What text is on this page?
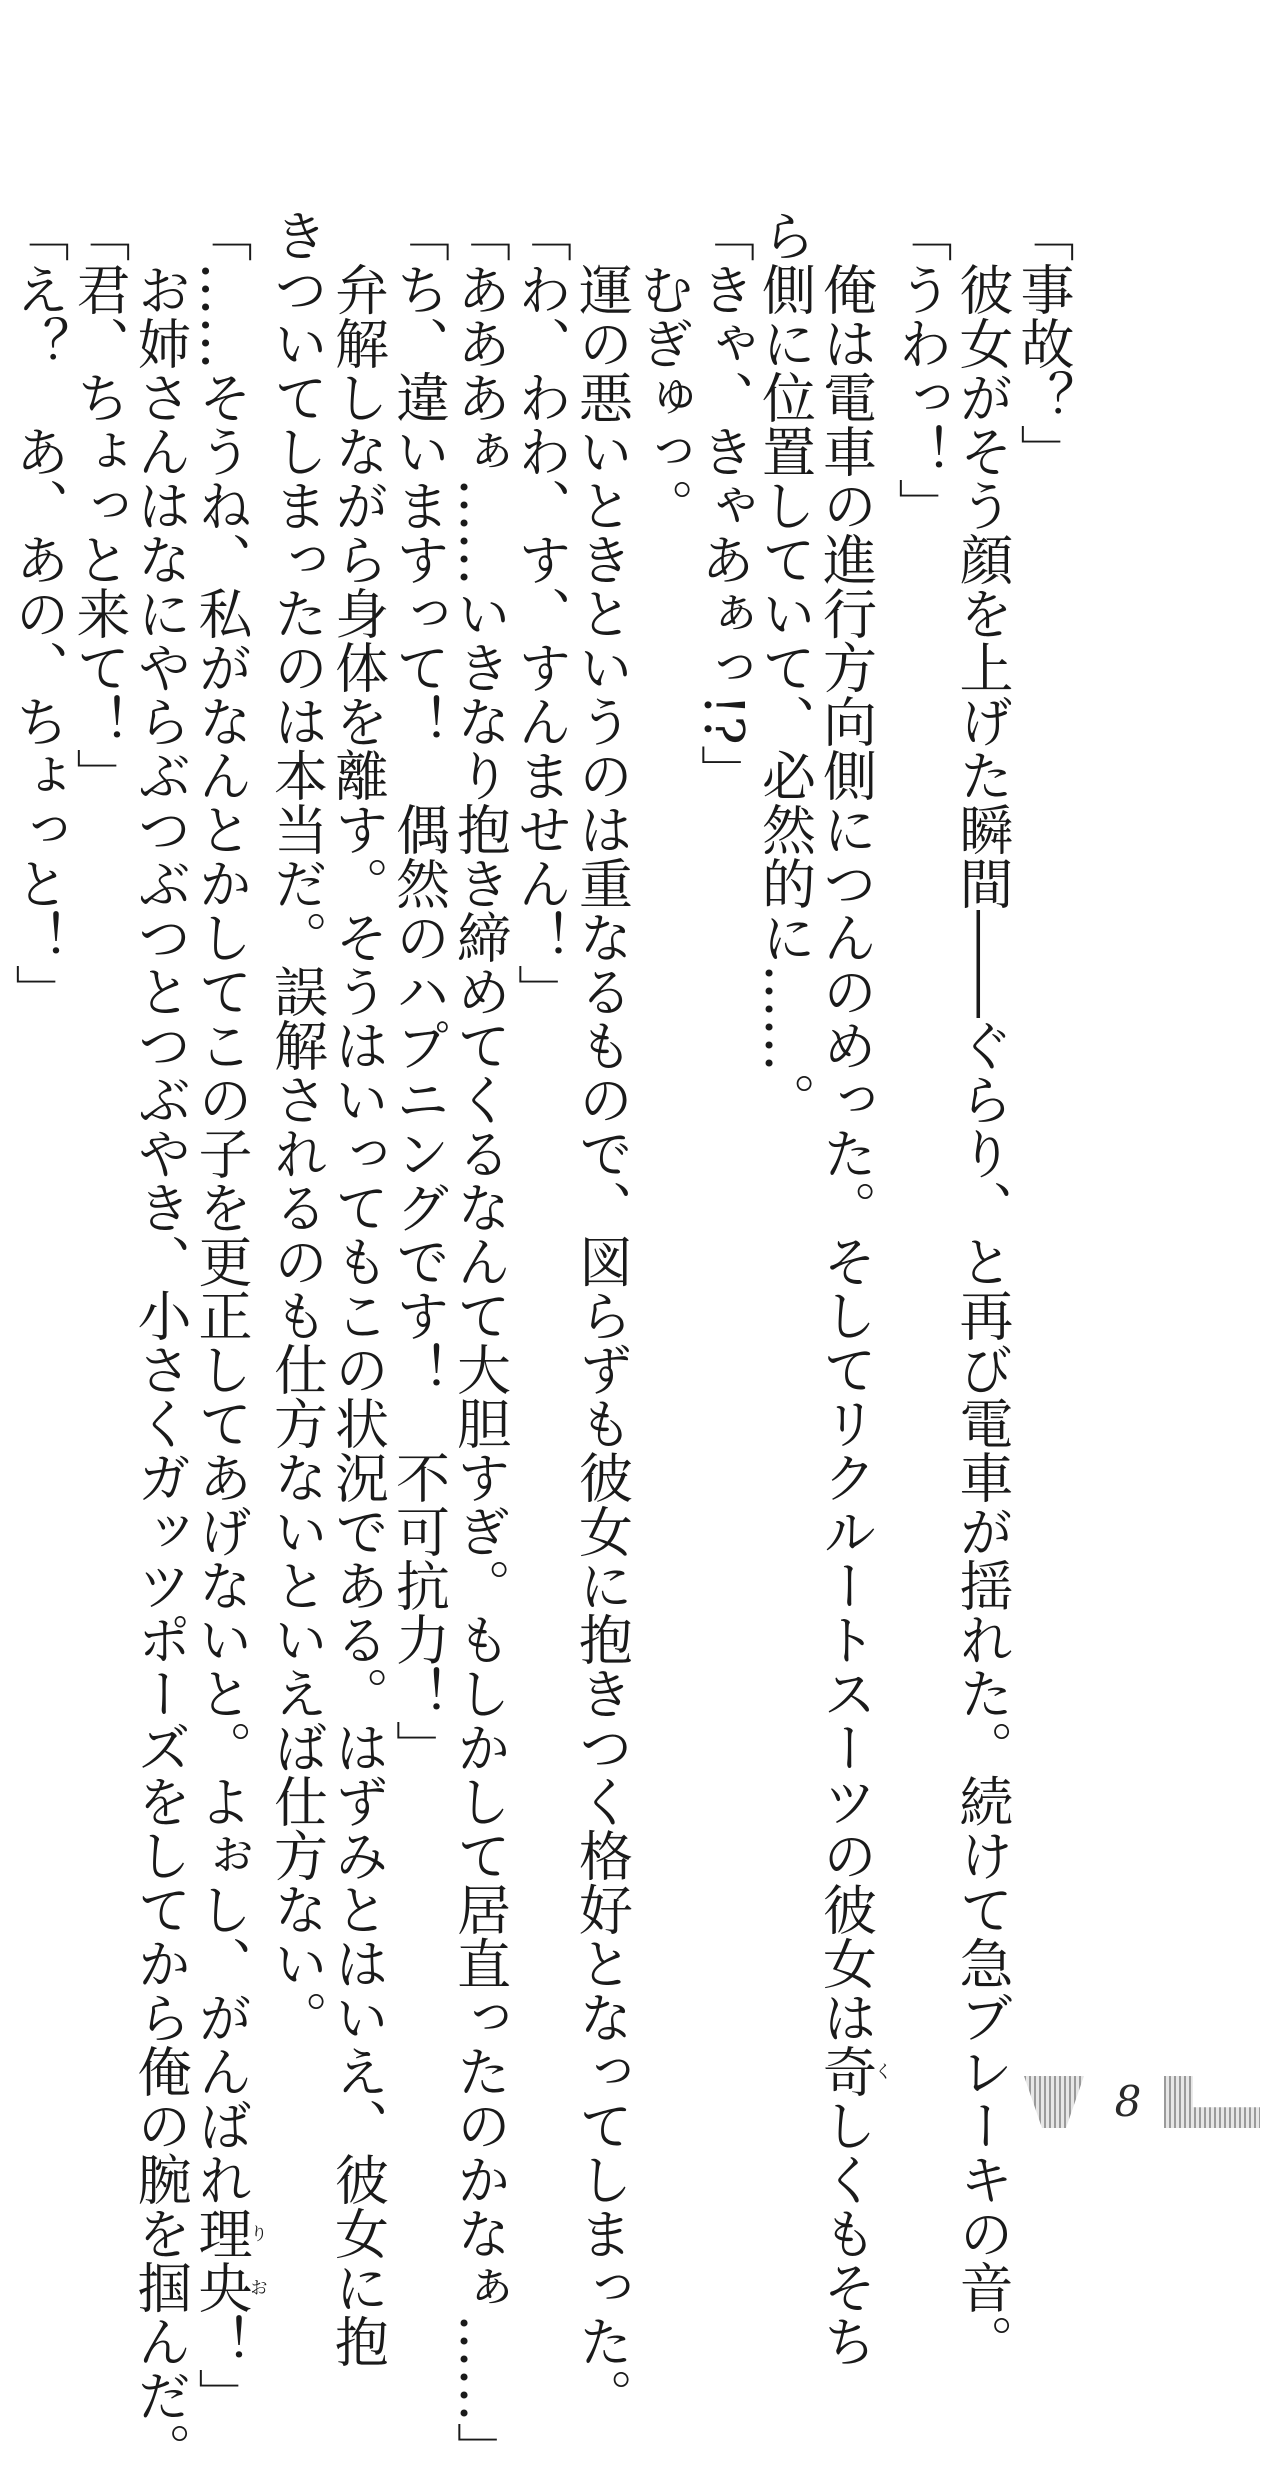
「事故？」
　彼女がそう顔を上げた瞬間――ぐらり、と再び電車が揺れた。続けて急ブレーキの音。
「うわっ！」
　俺は電車の進行方向側につんのめった。そしてリクルートスーツの彼女は奇くしくもそち
ら側に位置していて、必然的に……。
「きゃ、きゃあぁっ!?」
　むぎゅっ。
　運の悪いときというのは重なるもので、図らずも彼女に抱きつく格好となってしまった。
「わ、わわ、す、すんません！」
「あああぁ……いきなり抱き締めてくるなんて大胆すぎ。もしかして居直ったのかなぁ……」
「ち、違いますって！　偶然のハプニングです！　不可抗力！」
　弁解しながら身体を離す。そうはいってもこの状況である。はずみとはいえ、彼女に抱
きついてしまったのは本当だ。誤解されるのも仕方ないといえば仕方ない。
「……そうね、私がなんとかしてこの子を更正してあげないと。よぉし、がんばれ理央りお！」
　お姉さんはなにやらぶつぶつとつぶやき、小さくガッツポーズをしてから俺の腕を掴んだ。
「君、ちょっと来て！」
「え？　あ、あの、ちょっと！」
8
